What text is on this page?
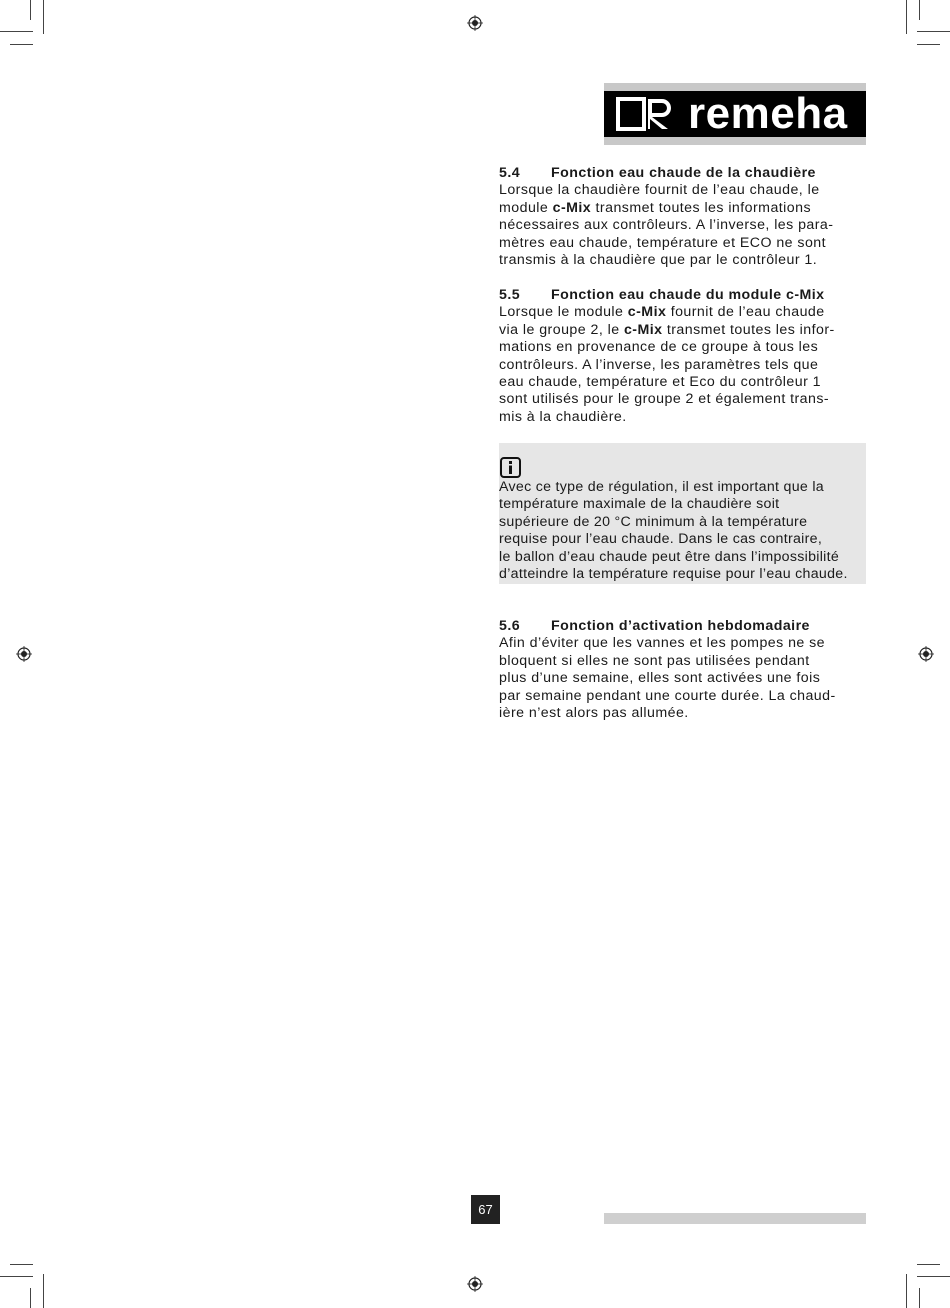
remeha
5.4	Fonction eau chaude de la chaudière
Lorsque la chaudière fournit de l’eau chaude, le
module c-Mix transmet toutes les informations
nécessaires aux contrôleurs. A l’inverse, les para-
mètres eau chaude, température et ECO ne sont
transmis à la chaudière que par le contrôleur 1.
5.5	Fonction eau chaude du module c-Mix
Lorsque le module c-Mix fournit de l’eau chaude
via le groupe 2, le c-Mix transmet toutes les infor-
mations en provenance de ce groupe à tous les
contrôleurs. A l’inverse, les paramètres tels que
eau chaude, température et Eco du contrôleur 1
sont utilisés pour le groupe 2 et également trans-
mis à la chaudière.
Avec ce type de régulation, il est important que la
température maximale de la chaudière soit
supérieure de 20 °C minimum à la température
requise pour l’eau chaude. Dans le cas contraire,
le ballon d’eau chaude peut être dans l’impossibilité
d’atteindre la température requise pour l’eau chaude.
5.6	Fonction d’activation hebdomadaire
Afin d’éviter que les vannes et les pompes ne se
bloquent si elles ne sont pas utilisées pendant
plus d’une semaine, elles sont activées une fois
par semaine pendant une courte durée. La chaud-
ière n’est alors pas allumée.
67
